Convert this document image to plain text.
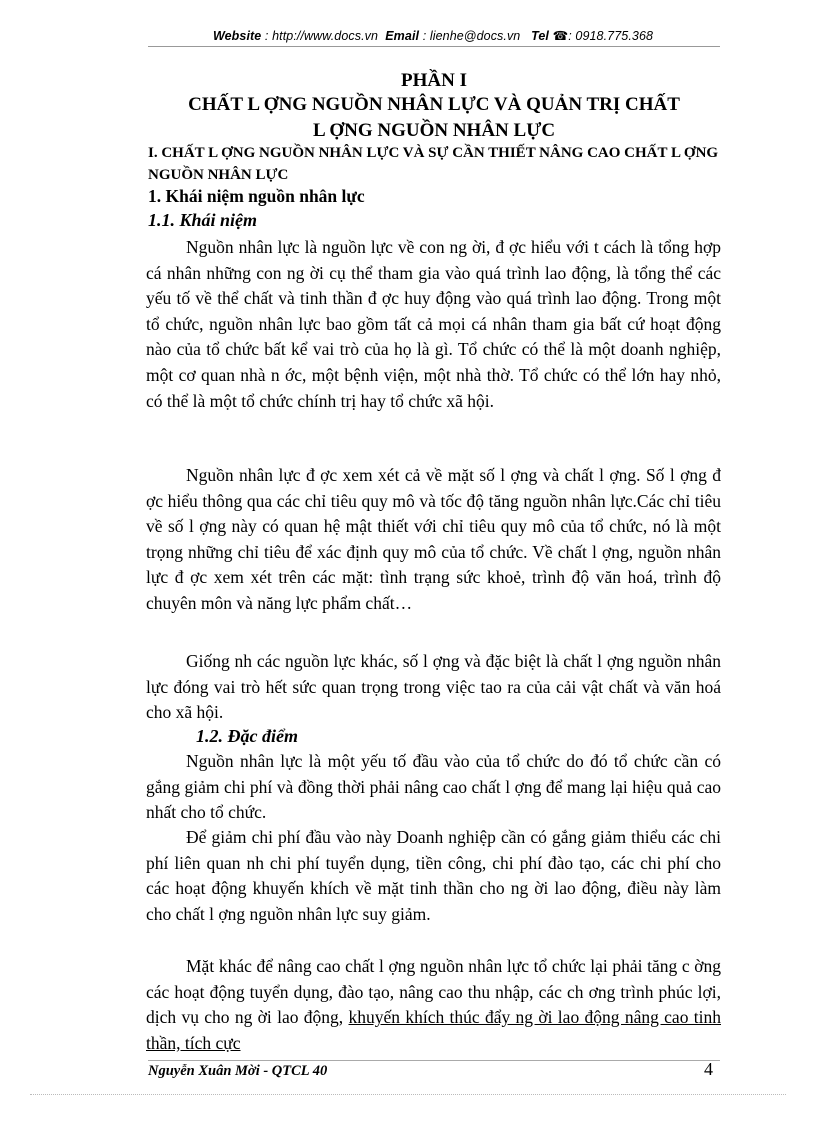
Website : http://www.docs.vn Email : lienhe@docs.vn Tel ☎: 0918.775.368
PHẦN I
CHẤT L ỢNG NGUỒN NHÂN LỰC VÀ QUẢN TRỊ CHẤT
L ỢNG NGUỒN NHÂN LỰC
I. CHẤT L ỢNG NGUỒN NHÂN LỰC VÀ SỰ CẦN THIẾT NÂNG CAO CHẤT L ỢNG NGUỒN NHÂN LỰC
1. Khái niệm nguồn nhân lực
1.1. Khái niệm

Nguồn nhân lực là nguồn lực về con ng ời, đ ợc hiểu với t cách là tổng hợp cá nhân những con ng ời cụ thể tham gia vào quá trình lao động, là tổng thể các yếu tố về thể chất và tinh thần đ ợc huy động vào quá trình lao động. Trong một tổ chức, nguồn nhân lực bao gồm tất cả mọi cá nhân tham gia bất cứ hoạt động nào của tổ chức bất kể vai trò của họ là gì. Tổ chức có thể là một doanh nghiệp, một cơ quan nhà n ớc, một bệnh viện, một nhà thờ. Tổ chức có thể lớn hay nhỏ, có thể là một tổ chức chính trị hay tổ chức xã hội.

Nguồn nhân lực đ ợc xem xét cả về mặt số l ợng và chất l ợng. Số l ợng đ ợc hiểu thông qua các chỉ tiêu quy mô và tốc độ tăng nguồn nhân lực.Các chỉ tiêu về số l ợng này có quan hệ mật thiết với chỉ tiêu quy mô của tổ chức, nó là một trọng những chỉ tiêu để xác định quy mô của tổ chức. Về chất l ợng, nguồn nhân lực đ ợc xem xét trên các mặt: tình trạng sức khoẻ, trình độ văn hoá, trình độ chuyên môn và năng lực phẩm chất…

Giống nh các nguồn lực khác, số l ợng và đặc biệt là chất l ợng nguồn nhân lực đóng vai trò hết sức quan trọng trong việc tao ra của cải vật chất và văn hoá cho xã hội.

1.2. Đặc điểm

Nguồn nhân lực là một yếu tố đầu vào của tổ chức do đó tổ chức cần có gắng giảm chi phí và đồng thời phải nâng cao chất l ợng để mang lại hiệu quả cao nhất cho tổ chức.

Để giảm chi phí đầu vào này Doanh nghiệp cần có gắng giảm thiểu các chi phí liên quan nh chi phí tuyển dụng, tiền công, chi phí đào tạo, các chi phí cho các hoạt động khuyến khích về mặt tinh thần cho ng ời lao động, điều này làm cho chất l ợng nguồn nhân lực suy giảm.

Mặt khác để nâng cao chất l ợng nguồn nhân lực tổ chức lại phải tăng c ờng các hoạt động tuyển dụng, đào tạo, nâng cao thu nhập, các ch ơng trình phúc lợi, dịch vụ cho ng ời lao động, khuyến khích thúc đẩy ng ời lao động nâng cao tinh thần, tích cực

Nguyễn Xuân Mời - QTCL 40	4
